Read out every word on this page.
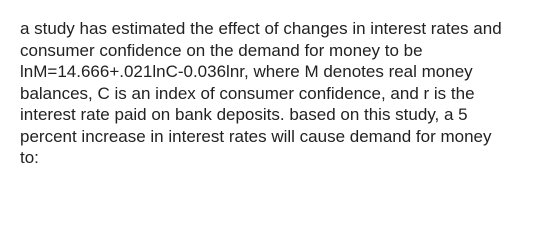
a study has estimated the effect of changes in interest rates and
consumer confidence on the demand for money to be
lnM=14.666+.021lnC-0.036lnr, where M denotes real money
balances, C is an index of consumer confidence, and r is the
interest rate paid on bank deposits. based on this study, a 5
percent increase in interest rates will cause demand for money
to:
